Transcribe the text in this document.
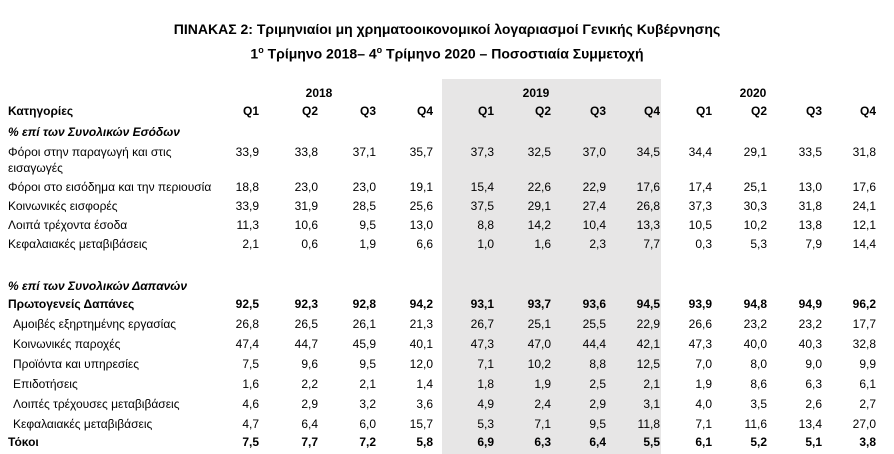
ΠΙΝΑΚΑΣ 2: Τριμηνιαίοι μη χρηματοοικονομικοί λογαριασμοί Γενικής Κυβέρνησης
$1^o$ Τρίμηνο 2018– $4^o$ Τρίμηνο 2020 – Ποσοστιαία Συμμετοχή
2018	2019	2020
Κατηγορίες	Q1	Q2	Q3	Q4	Q1	Q2	Q3	Q4	Q1	Q2	Q3	Q4
% επί των Συνολικών Εσόδων
Φόροι στην παραγωγή και στις
εισαγωγές
33,9	33,8	37,1	35,7	37,3	32,5	37,0	34,5	34,4	29,1	33,5	31,8
Φόροι στο εισόδημα και την περιουσία	18,8	23,0	23,0	19,1	15,4	22,6	22,9	17,6	17,4	25,1	13,0	17,6
Κοινωνικές εισφορές	33,9	31,9	28,5	25,6	37,5	29,1	27,4	26,8	37,3	30,3	31,8	24,1
Λοιπά τρέχοντα έσοδα	11,3	10,6	9,5	13,0	8,8	14,2	10,4	13,3	10,5	10,2	13,8	12,1
Κεφαλαιακές μεταβιβάσεις	2,1	0,6	1,9	6,6	1,0	1,6	2,3	7,7	0,3	5,3	7,9	14,4
% επί των Συνολικών Δαπανών
Πρωτογενείς Δαπάνες	92,5	92,3	92,8	94,2	93,1	93,7	93,6	94,5	93,9	94,8	94,9	96,2
Αμοιβές εξηρτημένης εργασίας	26,8	26,5	26,1	21,3	26,7	25,1	25,5	22,9	26,6	23,2	23,2	17,7
Κοινωνικές παροχές	47,4	44,7	45,9	40,1	47,3	47,0	44,4	42,1	47,3	40,0	40,3	32,8
Προϊόντα και υπηρεσίες	7,5	9,6	9,5	12,0	7,1	10,2	8,8	12,5	7,0	8,0	9,0	9,9
Επιδοτήσεις	1,6	2,2	2,1	1,4	1,8	1,9	2,5	2,1	1,9	8,6	6,3	6,1
Λοιπές τρέχουσες μεταβιβάσεις	4,6	2,9	3,2	3,6	4,9	2,4	2,9	3,1	4,0	3,5	2,6	2,7
Κεφαλαιακές μεταβιβάσεις	4,7	6,4	6,0	15,7	5,3	7,1	9,5	11,8	7,1	11,6	13,4	27,0
Τόκοι	7,5	7,7	7,2	5,8	6,9	6,3	6,4	5,5	6,1	5,2	5,1	3,8
